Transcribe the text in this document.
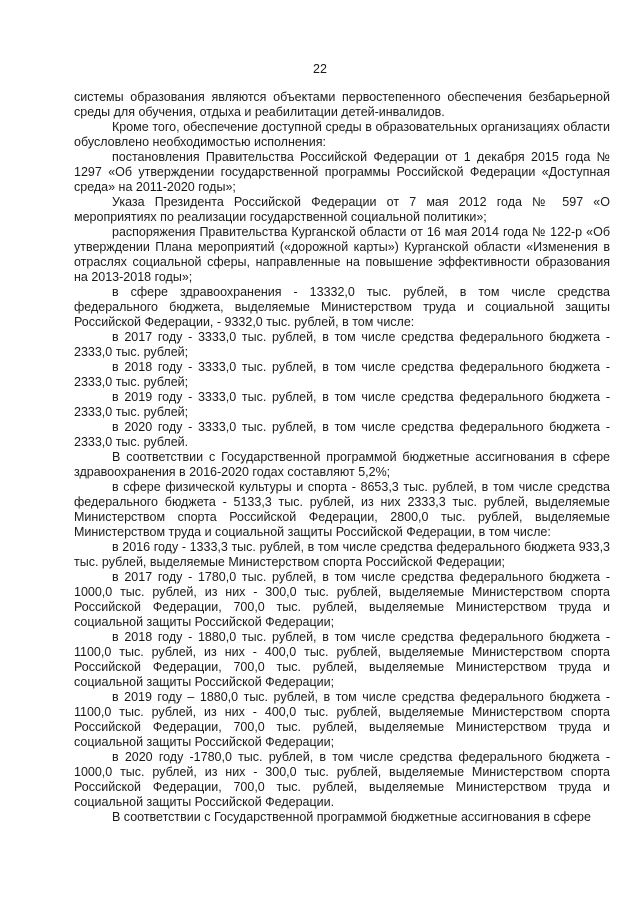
22

системы образования являются объектами первостепенного обеспечения безбарьерной среды для обучения, отдыха и реабилитации детей-инвалидов.

Кроме того, обеспечение доступной среды в образовательных организациях области обусловлено необходимостью исполнения:

постановления Правительства Российской Федерации от 1 декабря 2015 года № 1297 «Об утверждении государственной программы Российской Федерации «Доступная среда» на 2011-2020 годы»;

Указа Президента Российской Федерации от 7 мая 2012 года № 597 «О мероприятиях по реализации государственной социальной политики»;

распоряжения Правительства Курганской области от 16 мая 2014 года № 122-р «Об утверждении Плана мероприятий («дорожной карты») Курганской области «Изменения в отраслях социальной сферы, направленные на повышение эффективности образования на 2013-2018 годы»;

в сфере здравоохранения - 13332,0 тыс. рублей, в том числе средства федерального бюджета, выделяемые Министерством труда и социальной защиты Российской Федерации, - 9332,0 тыс. рублей, в том числе:

в 2017 году - 3333,0 тыс. рублей, в том числе средства федерального бюджета - 2333,0 тыс. рублей;

в 2018 году - 3333,0 тыс. рублей, в том числе средства федерального бюджета - 2333,0 тыс. рублей;

в 2019 году - 3333,0 тыс. рублей, в том числе средства федерального бюджета - 2333,0 тыс. рублей;

в 2020 году - 3333,0 тыс. рублей, в том числе средства федерального бюджета - 2333,0 тыс. рублей.

В соответствии с Государственной программой бюджетные ассигнования в сфере здравоохранения в 2016-2020 годах составляют 5,2%;

в сфере физической культуры и спорта - 8653,3 тыс. рублей, в том числе средства федерального бюджета - 5133,3 тыс. рублей, из них 2333,3 тыс. рублей, выделяемые Министерством спорта Российской Федерации, 2800,0 тыс. рублей, выделяемые Министерством труда и социальной защиты Российской Федерации, в том числе:

в 2016 году - 1333,3 тыс. рублей, в том числе средства федерального бюджета 933,3 тыс. рублей, выделяемые Министерством спорта Российской Федерации;

в 2017 году - 1780,0 тыс. рублей, в том числе средства федерального бюджета - 1000,0 тыс. рублей, из них - 300,0 тыс. рублей, выделяемые Министерством спорта Российской Федерации, 700,0 тыс. рублей, выделяемые Министерством труда и социальной защиты Российской Федерации;

в 2018 году - 1880,0 тыс. рублей, в том числе средства федерального бюджета - 1100,0 тыс. рублей, из них - 400,0 тыс. рублей, выделяемые Министерством спорта Российской Федерации, 700,0 тыс. рублей, выделяемые Министерством труда и социальной защиты Российской Федерации;

в 2019 году – 1880,0 тыс. рублей, в том числе средства федерального бюджета - 1100,0 тыс. рублей, из них - 400,0 тыс. рублей, выделяемые Министерством спорта Российской Федерации, 700,0 тыс. рублей, выделяемые Министерством труда и социальной защиты Российской Федерации;

в 2020 году -1780,0 тыс. рублей, в том числе средства федерального бюджета - 1000,0 тыс. рублей, из них - 300,0 тыс. рублей, выделяемые Министерством спорта Российской Федерации, 700,0 тыс. рублей, выделяемые Министерством труда и социальной защиты Российской Федерации.

В соответствии с Государственной программой бюджетные ассигнования в сфере
